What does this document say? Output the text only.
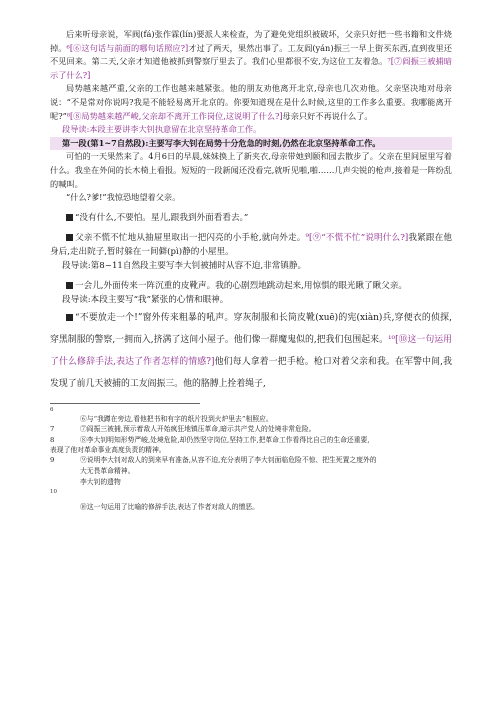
后来听母亲说，军阀(fá)张作霖(lín)要派人来检查，为了避免党组织被破坏，父亲只好把一些书籍和文件烧掉。⁶[⑥这句话与前面的哪句话照应?]才过了两天，果然出事了。工友阎(yán)振三一早上街买东西,直到夜里还不见回来。第二天,父亲才知道他被抓到警察厅里去了。我们心里都很不安,为这位工友着急。⁷[⑦阎振三被捕暗示了什么?]

局势越来越严重,父亲的工作也越来越紧张。他的朋友劝他离开北京,母亲也几次劝他。父亲坚决地对母亲说：“不是常对你说吗?我是不能轻易离开北京的。你要知道现在是什么时候,这里的工作多么重要。我哪能离开呢?”⁸[⑧局势越来越严峻,父亲却不离开工作岗位,这说明了什么?]母亲只好不再说什么了。

段导读:本段主要讲李大钊执意留在北京坚持革命工作。

第一段(第1~7自然段):主要写李大钊在局势十分危急的时刻,仍然在北京坚持革命工作。

可怕的一天果然来了。4月6日的早晨,妹妹换上了新夹衣,母亲带她到颐和园去散步了。父亲在里间屋里写着什么。我坐在外间的长木椅上看报。短短的一段新闻还没看完,就听见啪,啪……几声尖锐的枪声,接着是一阵纷乱的喊叫。

“什么?爹!”我惊恐地望着父亲。

“没有什么,不要怕。星儿,跟我到外面看看去。”

父亲不慌不忙地从抽屉里取出一把闪亮的小手枪,就向外走。⁹[⑨“不慌不忙”说明什么?]我紧跟在他身后,走出院子,暂时躲在一间僻(pì)静的小屋里。

段导读:第8~11自然段主要写李大钊被捕时从容不迫,非常镇静。

一会儿,外面传来一阵沉重的皮靴声。我的心剧烈地跳动起来,用惊惧的眼光瞅了瞅父亲。

段导读:本段主要写“我”紧张的心情和眼神。

“不要放走一个!”窗外传来粗暴的吼声。穿灰制服和长筒皮靴(xuē)的宪(xiàn)兵,穿便衣的侦探,穿黑制服的警察,一拥而入,挤满了这间小屋子。他们像一群魔鬼似的,把我们包围起来。¹⁰[⑩这一句运用了什么修辞手法,表达了作者怎样的情感?]他们每人拿着一把手枪。枪口对着父亲和我。在军警中间,我发现了前几天被捕的工友阎振三。他的胳膊上拴着绳子,

6

⑥与“我蹲在旁边,看他把书和有字的纸片投到火炉里去”相照应。

7	⑦阎振三被捕,预示着敌人开始疯狂地镇压革命,暗示共产党人的处境非常危险。

8	⑧李大钊明知形势严峻,处境危险,却仍然坚守岗位,坚持工作,把革命工作看得比自己的生命还重要,

表现了他对革命事业高度负责的精神。

9	⑨说明李大钊对敌人的到来早有准备,从容不迫,充分表明了李大钊面临危险不惊、把生死置之度外的

大无畏革命精神。

李大钊的遗物

10

⑩这一句运用了比喻的修辞手法,表达了作者对敌人的憎恶。
